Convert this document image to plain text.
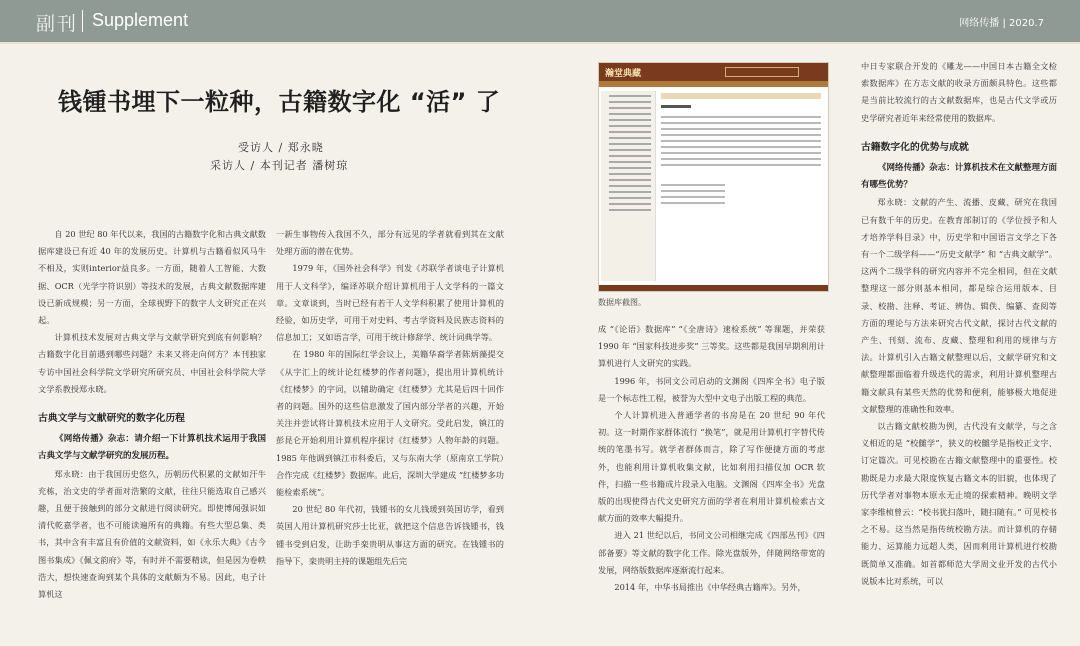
副刊 Supplement	网络传播 | 2020.7
钱锺书埋下一粒种，古籍数字化 “活” 了
受访人 / 郑永晓
采访人 / 本刊记者 潘树琼

自 20 世纪 80 年代以来，我国的古籍数字化和古典文献数据库建设已有近 40 年的发展历史。计算机与古籍看似风马牛不相及，实则interior益良多。一方面，随着人工智能、大数据、OCR（光学字符识别）等技术的发展，古典文献数据库建设已新成规模；另一方面，全球视野下的数字人文研究正在兴起。

计算机技术发展对古典文学与文献学研究到底有何影响？古籍数字化目前遇到哪些问题？未来又将走向何方？本刊独家专访中国社会科学院文学研究所研究员、中国社会科学院大学文学系教授郑永晓。

古典文学与文献研究的数字化历程

《网络传播》杂志：请介绍一下计算机技术运用于我国古典文学与文献学研究的发展历程。

郑永晓：由于我国历史悠久，历朝历代积累的文献如汗牛充栋，治文史的学者面对浩繁的文献，往往只能选取自己感兴趣，且便于接触到的部分文献进行阅读研究。即使博闻强识如清代乾嘉学者，也不可能读遍所有的典籍。有些大型总集、类书，其中含有丰富且有价值的文献资料，如《永乐大典》《古今图书集成》《佩文韵府》等，有时并不需要精读，但是因为卷帙浩大，想快速查询到某个具体的文献颇为不易。因此，电子计算机这

一新生事物传入我国不久，部分有远见的学者就看到其在文献处理方面的潜在优势。

1979 年，《国外社会科学》刊发《苏联学者谈电子计算机用于人文科学》，编译苏联介绍计算机用于人文学科的一篇文章。文章谈到，当时已经有若干人文学科积累了使用计算机的经验，如历史学，可用于对史料、考古学资料及民族志资料的信息加工；又如语言学，可用于统计修辞学、统计词典学等。

在 1980 年的国际红学会议上，美籍华裔学者陈炳藻提交《从字汇上的统计论红楼梦的作者问题》，提出用计算机统计《红楼梦》的字词，以辅助确定《红楼梦》尤其是后四十回作者的问题。国外的这些信息激发了国内部分学者的兴趣，开始关注并尝试将计算机技术应用于人文研究。受此启发，镇江的彭昆仑开始利用计算机程序探讨《红楼梦》人物年龄的问题。1985 年他调到镇江市科委后，又与东南大学（原南京工学院）合作完成《红楼梦》数据库。此后，深圳大学建成 “红楼梦多功能检索系统”。

20 世纪 80 年代初，钱锺书的女儿钱瑗到英国访学，看到英国人用计算机研究莎士比亚，就把这个信息告诉钱锺书，钱锺书受到启发，让助手栾贵明从事这方面的研究。在钱锺书的指导下，栾贵明主持的课题组先后完

瀚堂典藏
数据库截图。

成 “《论语》数据库” “《全唐诗》速检系统” 等课题，并荣获 1990 年 “国家科技进步奖” 三等奖。这些都是我国早期利用计算机进行人文研究的实践。

1996 年，书同文公司启动的文渊阁《四库全书》电子版是一个标志性工程，被誉为大型中文电子出版工程的典范。

个人计算机进入普通学者的书房是在 20 世纪 90 年代初。这一时期作家群体流行 “换笔”，就是用计算机打字替代传统的笔墨书写。就学者群体而言，除了写作便捷方面的考虑外，也能利用计算机收集文献，比如利用扫描仪加 OCR 软件，扫描一些书籍成片段录入电脑。文渊阁《四库全书》光盘版的出现使得古代文史研究方面的学者在利用计算机检索古文献方面的效率大幅提升。

进入 21 世纪以后，书同文公司相继完成《四部丛刊》《四部备要》等文献的数字化工作。除光盘版外，伴随网络带宽的发展，网络版数据库逐渐流行起来。

2014 年，中华书局推出《中华经典古籍库》。另外，

中日专家联合开发的《雕龙——中国日本古籍全文检索数据库》在方志文献的收录方面颇具特色。这些都是当前比较流行的古文献数据库，也是古代文学或历史学研究者近年来经常使用的数据库。

古籍数字化的优势与成就

《网络传播》杂志：计算机技术在文献整理方面有哪些优势？

郑永晓：文献的产生、流播、皮藏、研究在我国已有数千年的历史。在教育部制订的《学位授予和人才培养学科目录》中，历史学和中国语言文学之下各有一个二级学科——“历史文献学” 和 “古典文献学”。这两个二级学科的研究内容并不完全相同，但在文献整理这一部分则基本相同，都是综合运用版本、目录、校勘、注释、考证、辨伪、辑佚、编纂、查阅等方面的理论与方法来研究古代文献，探讨古代文献的产生、刊刻、流布、皮藏、整理和利用的规律与方法。计算机引入古籍文献整理以后，文献学研究和文献整理都面临着升级迭代的需求，利用计算机整理古籍文献具有某些天然的优势和便利，能够极大地促进文献整理的准确性和效率。

以古籍文献校勘为例，古代没有文献学，与之含义相近的是 “校雠学”，狭义的校雠学是指校正文字、订定篇次。可见校勘在古籍文献整理中的重要性。校勘既是力求最大限度恢复古籍文本的旧貌，也体现了历代学者对事物本原永无止境的探索精神。晚明文学家李维桢曾云：“校书犹扫落叶，随扫随有。” 可见校书之不易。这当然是指传统校勘方法。而计算机的存储能力、运算能力远超人类，因而利用计算机进行校勘既简单又准确。如首都师范大学周文业开发的古代小说版本比对系统，可以
